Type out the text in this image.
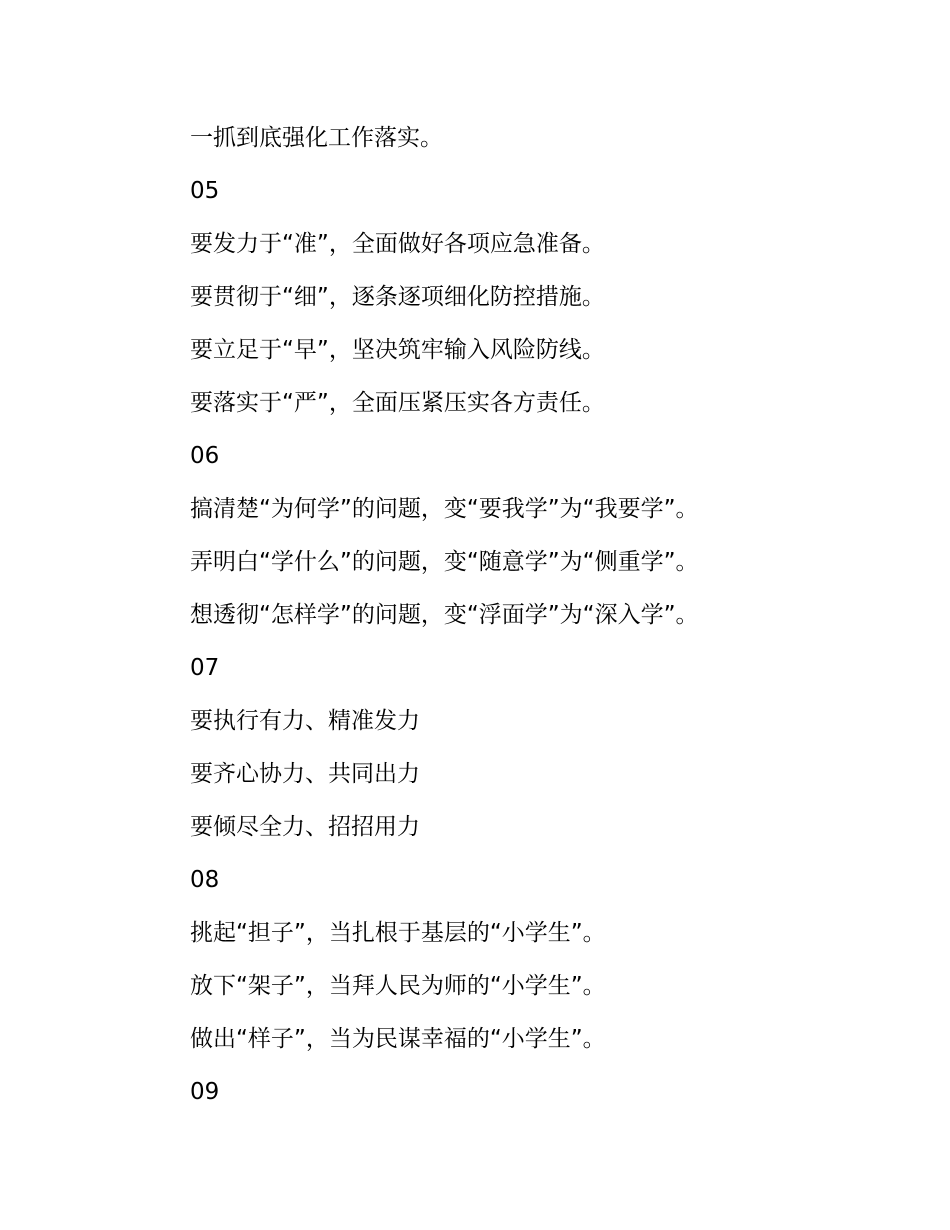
一抓到底强化工作落实。

05

要发力于“准”，全面做好各项应急准备。

要贯彻于“细”，逐条逐项细化防控措施。

要立足于“早”，坚决筑牢输入风险防线。

要落实于“严”，全面压紧压实各方责任。

06

搞清楚“为何学”的问题，变“要我学”为“我要学”。

弄明白“学什么”的问题，变“随意学”为“侧重学”。

想透彻“怎样学”的问题，变“浮面学”为“深入学”。

07

要执行有力、精准发力

要齐心协力、共同出力

要倾尽全力、招招用力

08

挑起“担子”，当扎根于基层的“小学生”。

放下“架子”，当拜人民为师的“小学生”。

做出“样子”，当为民谋幸福的“小学生”。

09
